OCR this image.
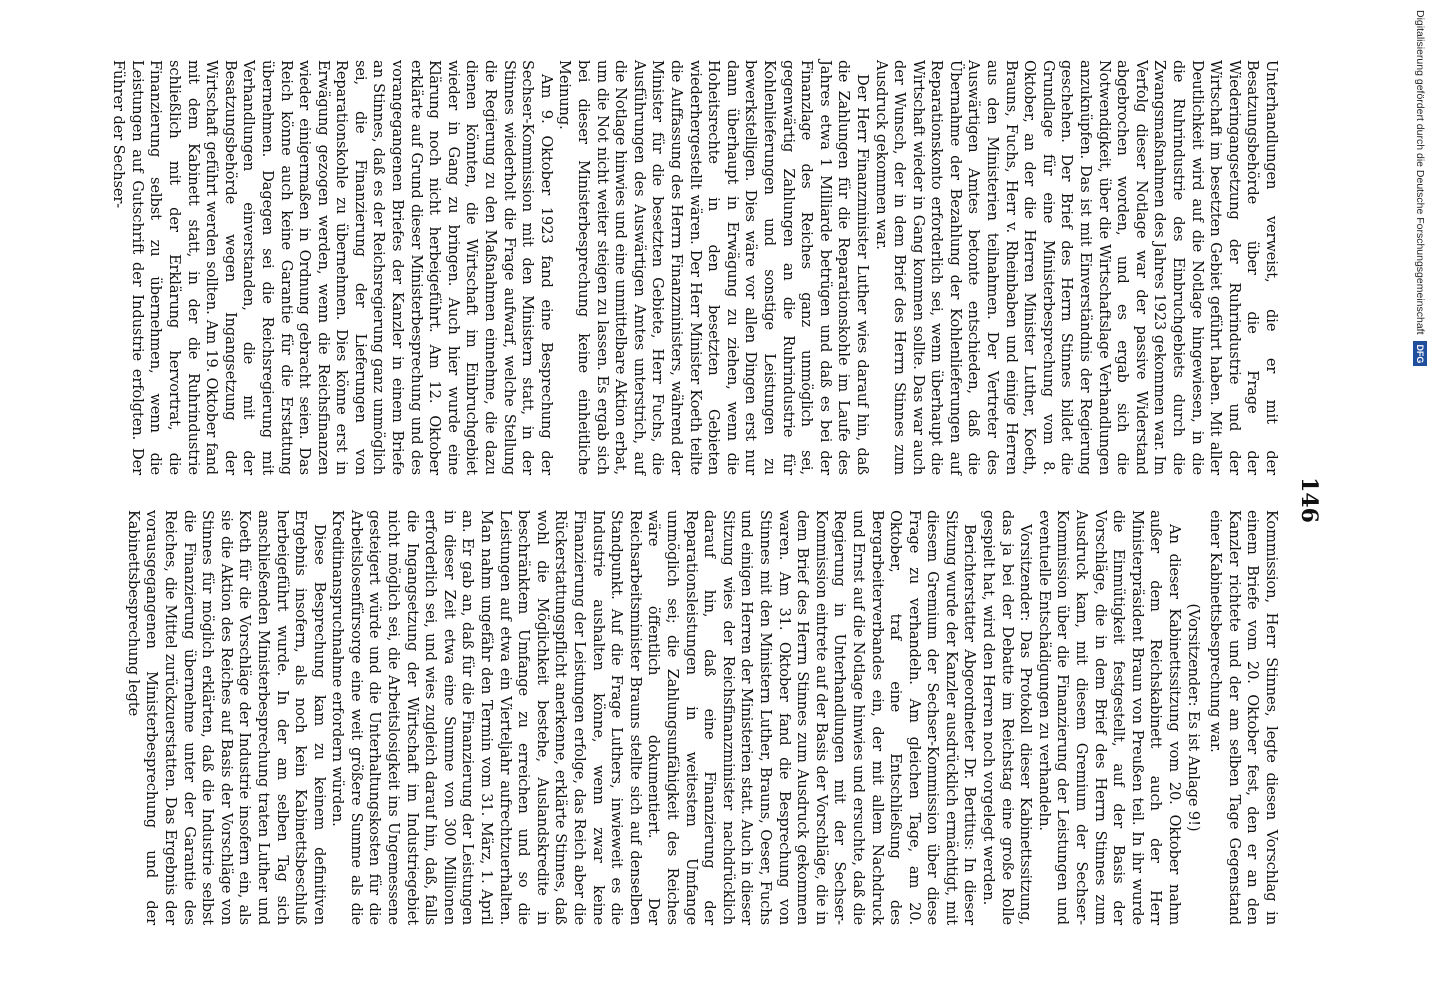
146

Unterhandlungen verweist, die er mit der Besatzungsbehörde über die Frage der Wiederingangsetzung der Ruhrindustrie und der Wirtschaft im besetzten Gebiet geführt haben. Mit aller Deutlichkeit wird auf die Notlage hingewiesen, in die die Ruhrindustrie des Einbruchgebiets durch die Zwangsmaßnahmen des Jahres 1923 gekommen war. Im Verfolg dieser Notlage war der passive Widerstand abgebrochen worden, und es ergab sich die Notwendigkeit, über die Wirtschaftslage Verhandlungen anzuknüpfen. Das ist mit Einverständnis der Regierung geschehen. Der Brief des Herrn Stinnes bildet die Grundlage für eine Ministerbesprechung vom 8. Oktober, an der die Herren Minister Luther, Koeth, Brauns, Fuchs, Herr v. Rheinbaben und einige Herren aus den Ministerien teilnahmen. Der Vertreter des Auswärtigen Amtes betonte entschieden, daß die Übernahme der Bezahlung der Kohlenlieferungen auf Reparationskonto erforderlich sei, wenn überhaupt die Wirtschaft wieder in Gang kommen sollte. Das war auch der Wunsch, der in dem Brief des Herrn Stinnes zum Ausdruck gekommen war.

Der Herr Finanzminister Luther wies darauf hin, daß die Zahlungen für die Reparationskohle im Laufe des Jahres etwa 1 Milliarde betrügen und daß es bei der Finanzlage des Reiches ganz unmöglich sei, gegenwärtig Zahlungen an die Ruhrindustrie für Kohlenlieferungen und sonstige Leistungen zu bewerkstelligen. Dies wäre vor allen Dingen erst nur dann überhaupt in Erwägung zu ziehen, wenn die Hoheitsrechte in den besetzten Gebieten wiederhergestellt wären. Der Herr Minister Koeth teilte die Auffassung des Herrn Finanzministers, während der Minister für die besetzten Gebiete, Herr Fuchs, die Ausführungen des Auswärtigen Amtes unterstrich, auf die Notlage hinwies und eine unmittelbare Aktion erbat, um die Not nicht weiter steigen zu lassen. Es ergab sich bei dieser Ministerbesprechung keine einheitliche Meinung.

Am 9. Oktober 1923 fand eine Besprechung der Sechser-Kommission mit den Ministern statt, in der Stinnes wiederholt die Frage aufwarf, welche Stellung die Regierung zu den Maßnahmen einnehme, die dazu dienen könnten, die Wirtschaft im Einbruchgebiet wieder in Gang zu bringen. Auch hier wurde eine Klärung noch nicht herbeigeführt. Am 12. Oktober erklärte auf Grund dieser Ministerbesprechung und des vorangegangenen Briefes der Kanzler in einem Briefe an Stinnes, daß es der Reichsregierung ganz unmöglich sei, die Finanzierung der Lieferungen von Reparationskohle zu übernehmen. Dies könne erst in Erwägung gezogen werden, wenn die Reichsfinanzen wieder einigermaßen in Ordnung gebracht seien. Das Reich könne auch keine Garantie für die Erstattung übernehmen. Dagegen sei die Reichsregierung mit Verhandlungen einverstanden, die mit der Besatzungsbehörde wegen Ingangsetzung der Wirtschaft geführt werden sollten. Am 19. Oktober fand mit dem Kabinett statt, in der die Ruhrindustrie schließlich mit der Erklärung hervortrat, die Finanzierung selbst zu übernehmen, wenn die Leistungen auf Gutschrift der Industrie erfolgten. Der Führer der Sechser-

Kommission, Herr Stinnes, legte diesen Vorschlag in einem Briefe vom 20. Oktober fest, den er an den Kanzler richtete und der am selben Tage Gegenstand einer Kabinettsbesprechung war.

(Vorsitzender: Es ist Anlage 9!)

An dieser Kabinettssitzung vom 20. Oktober nahm außer dem Reichskabinett auch der Herr Ministerpräsident Braun von Preußen teil. In ihr wurde die Einmütigkeit festgestellt, auf der Basis der Vorschläge, die in dem Brief des Herrn Stinnes zum Ausdruck kam, mit diesem Gremium der Sechser-Kommission über die Finanzierung der Leistungen und eventuelle Entschädigungen zu verhandeln.

Vorsitzender: Das Protokoll dieser Kabinettssitzung, das ja bei der Debatte im Reichstag eine große Rolle gespielt hat, wird den Herren noch vorgelegt werden.

Berichterstatter Abgeordneter Dr. Bertitus: In dieser Sitzung wurde der Kanzler ausdrücklich ermächtigt, mit diesem Gremium der Sechser-Kommission über diese Frage zu verhandeln. Am gleichen Tage, am 20. Oktober, traf eine Entschließung des Bergarbeiterverbandes ein, der mit allem Nachdruck und Ernst auf die Notlage hinwies und ersuchte, daß die Regierung in Unterhandlungen mit der Sechser-Kommission eintrete auf der Basis der Vorschläge, die in dem Brief des Herrn Stinnes zum Ausdruck gekommen waren. Am 31. Oktober fand die Besprechung von Stinnes mit den Ministern Luther, Brauns, Oeser, Fuchs und einigen Herren der Ministerien statt. Auch in dieser Sitzung wies der Reichsfinanzminister nachdrücklich darauf hin, daß eine Finanzierung der Reparationsleistungen in weitestem Umfange unmöglich sei; die Zahlungsunfähigkeit des Reiches wäre öffentlich dokumentiert. Der Reichsarbeitsminister Brauns stellte sich auf denselben Standpunkt. Auf die Frage Luthers, inwieweit es die Industrie aushalten könne, wenn zwar keine Finanzierung der Leistungen erfolge, das Reich aber die Rückerstattungspflicht anerkenne, erklärte Stinnes, daß wohl die Möglichkeit bestehe, Auslandskredite in beschränktem Umfange zu erreichen und so die Leistungen auf etwa ein Vierteljahr aufrechtzuerhalten. Man nahm ungefähr den Termin vom 31. März, 1. April an. Er gab an, daß für die Finanzierung der Leistungen in dieser Zeit etwa eine Summe von 300 Millionen erforderlich sei, und wies zugleich darauf hin, daß, falls die Ingangsetzung der Wirtschaft im Industriegebiet nicht möglich sei, die Arbeitslosigkeit ins Ungemessene gesteigert würde und die Unterhaltungskosten für die Arbeitslosenfürsorge eine weit größere Summe als die Kreditinanspruchnahme erfordern würden.

Diese Besprechung kam zu keinem definitiven Ergebnis insofern, als noch kein Kabinettsbeschluß herbeigeführt wurde. In der am selben Tag sich anschließenden Ministerbesprechung traten Luther und Koeth für die Vorschläge der Industrie insofern ein, als sie die Aktion des Reiches auf Basis der Vorschläge von Stinnes für möglich erklärten, daß die Industrie selbst die Finanzierung übernehme unter der Garantie des Reiches, die Mittel zurückzuerstatten. Das Ergebnis der vorausgegangenen Ministerbesprechung und der Kabinettsbesprechung legte

Digitalisierung gefördert durch die Deutsche Forschungsgemeinschaft DFG
